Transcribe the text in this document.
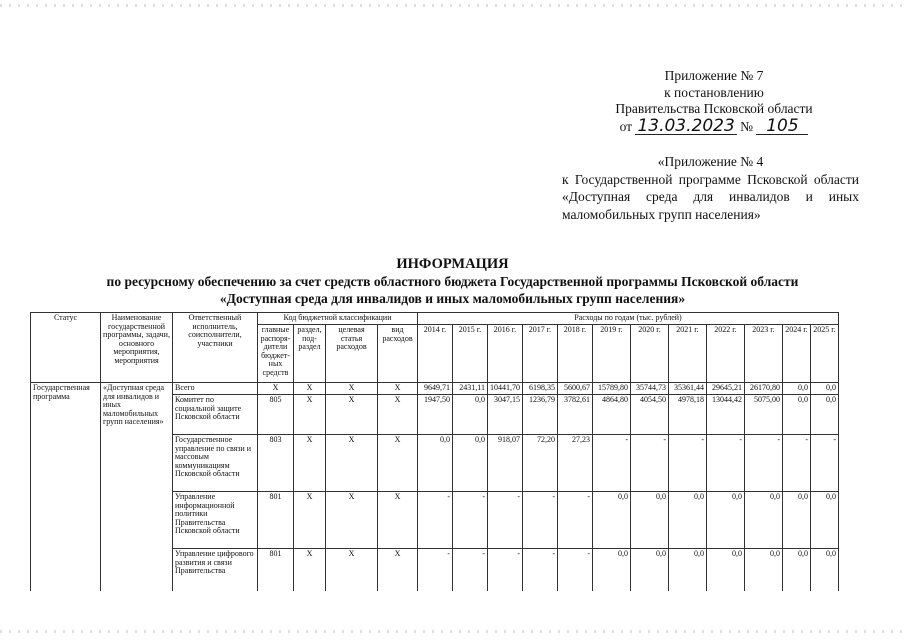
Приложение № 7
к постановлению
Правительства Псковской области
от 13.03.2023 № 105
«Приложение № 4
к Государственной программе Псковской области «Доступная среда для инвалидов и иных маломобильных групп населения»
ИНФОРМАЦИЯ
по ресурсному обеспечению за счет средств областного бюджета Государственной программы Псковской области
«Доступная среда для инвалидов и иных маломобильных групп населения»
Статус	Наименование государственной программы, задачи, основного мероприятия, мероприятия	Ответственный исполнитель, соисполнители, участники	Код бюджетной классификации				Расходы по годам (тыс. рублей)											
			главные распоря-дители бюджет-ных средств	раздел, под-раздел	целевая статья расходов	вид расходов	2014 г.	2015 г.	2016 г.	2017 г.	2018 г.	2019 г.	2020 г.	2021 г.	2022 г.	2023 г.	2024 г.	2025 г.
Государственная программа	«Доступная среда для инвалидов и иных маломобильных групп населения»	Всего	Х	Х	Х	Х	9649,71	2431,11	10441,70	6198,35	5600,67	15789,80	35744,73	35361,44	29645,21	26170,80	0,0	0,0
		Комитет по социальной защите Псковской области	805	Х	Х	Х	1947,50	0,0	3047,15	1236,79	3782,61	4864,80	4054,50	4978,18	13044,42	5075,00	0,0	0,0
		Государственное управление по связи и массовым коммуникациям Псковской области	803	Х	Х	Х	0,0	0,0	918,07	72,20	27,23	-	-	-	-	-	-	-
		Управление информационной политики Правительства Псковской области	801	Х	Х	Х	-	-	-	-	-	0,0	0,0	0,0	0,0	0,0	0,0	0,0
		Управление цифрового развития и связи Правительства	801	Х	Х	Х	-	-	-	-	-	0,0	0,0	0,0	0,0	0,0	0,0	0,0
